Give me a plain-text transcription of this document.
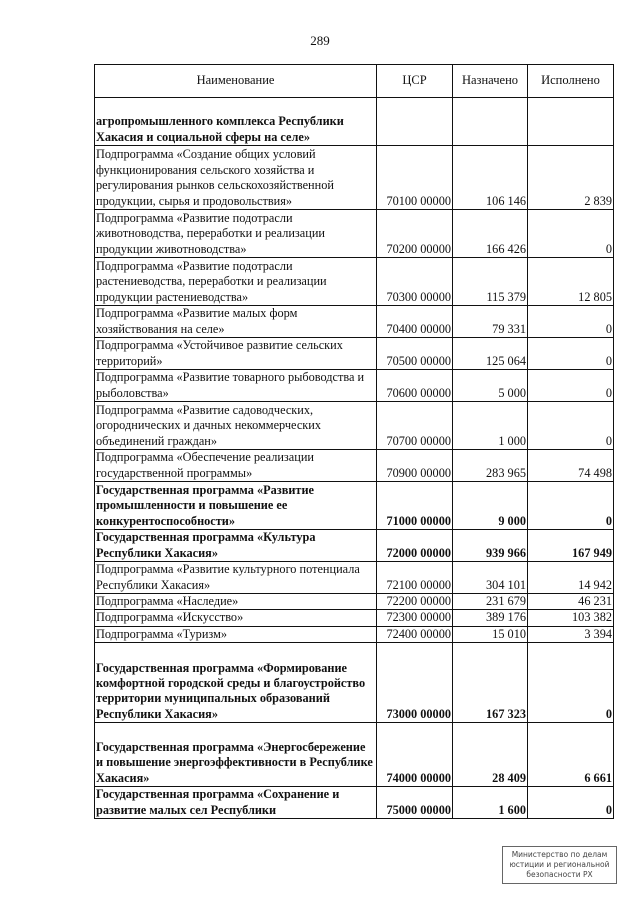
289
Наименование	ЦСР	Назначено	Исполнено
агропромышленного комплекса Республики Хакасия и социальной сферы на селе»			
Подпрограмма «Создание общих условий функционирования сельского хозяйства и регулирования рынков сельскохозяйственной продукции, сырья и продовольствия»	70100 00000	106 146	2 839
Подпрограмма «Развитие подотрасли животноводства, переработки и реализации продукции животноводства»	70200 00000	166 426	0
Подпрограмма «Развитие подотрасли растениеводства, переработки и реализации продукции растениеводства»	70300 00000	115 379	12 805
Подпрограмма «Развитие малых форм хозяйствования на селе»	70400 00000	79 331	0
Подпрограмма «Устойчивое развитие сельских территорий»	70500 00000	125 064	0
Подпрограмма «Развитие товарного рыбоводства и рыболовства»	70600 00000	5 000	0
Подпрограмма «Развитие садоводческих, огороднических и дачных некоммерческих объединений граждан»	70700 00000	1 000	0
Подпрограмма «Обеспечение реализации государственной программы»	70900 00000	283 965	74 498
Государственная программа «Развитие промышленности и повышение ее конкурентоспособности»	71000 00000	9 000	0
Государственная программа «Культура Республики Хакасия»	72000 00000	939 966	167 949
Подпрограмма «Развитие культурного потенциала Республики Хакасия»	72100 00000	304 101	14 942
Подпрограмма «Наследие»	72200 00000	231 679	46 231
Подпрограмма «Искусство»	72300 00000	389 176	103 382
Подпрограмма «Туризм»	72400 00000	15 010	3 394
Государственная программа «Формирование комфортной городской среды и благоустройство территории муниципальных образований Республики Хакасия»	73000 00000	167 323	0
Государственная программа «Энергосбережение и повышение энергоэффективности в Республике Хакасия»	74000 00000	28 409	6 661
Государственная программа «Сохранение и развитие малых сел Республики	75000 00000	1 600	0
Министерство по делам
юстиции и региональной
безопасности РХ
